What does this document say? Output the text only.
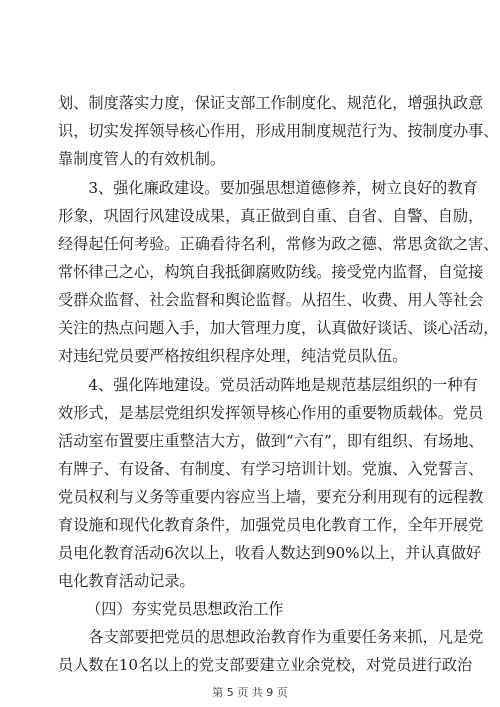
划、制度落实力度，保证支部工作制度化、规范化，增强执政意
识，切实发挥领导核心作用，形成用制度规范行为、按制度办事、
靠制度管人的有效机制。
　　3、强化廉政建设。要加强思想道德修养，树立良好的教育
形象，巩固行风建设成果，真正做到自重、自省、自警、自励，
经得起任何考验。正确看待名利，常修为政之德、常思贪欲之害、
常怀律己之心，构筑自我抵御腐败防线。接受党内监督，自觉接
受群众监督、社会监督和舆论监督。从招生、收费、用人等社会
关注的热点问题入手，加大管理力度，认真做好谈话、谈心活动，
对违纪党员要严格按组织程序处理，纯洁党员队伍。
　　4、强化阵地建设。党员活动阵地是规范基层组织的一种有
效形式，是基层党组织发挥领导核心作用的重要物质载体。党员
活动室布置要庄重整洁大方，做到“六有”，即有组织、有场地、
有牌子、有设备、有制度、有学习培训计划。党旗、入党誓言、
党员权利与义务等重要内容应当上墙，要充分利用现有的远程教
育设施和现代化教育条件，加强党员电化教育工作，全年开展党
员电化教育活动6次以上，收看人数达到90%以上，并认真做好
电化教育活动记录。
（四）夯实党员思想政治工作
　　各支部要把党员的思想政治教育作为重要任务来抓，凡是党
员人数在10名以上的党支部要建立业余党校，对党员进行政治
第 5 页 共 9 页
